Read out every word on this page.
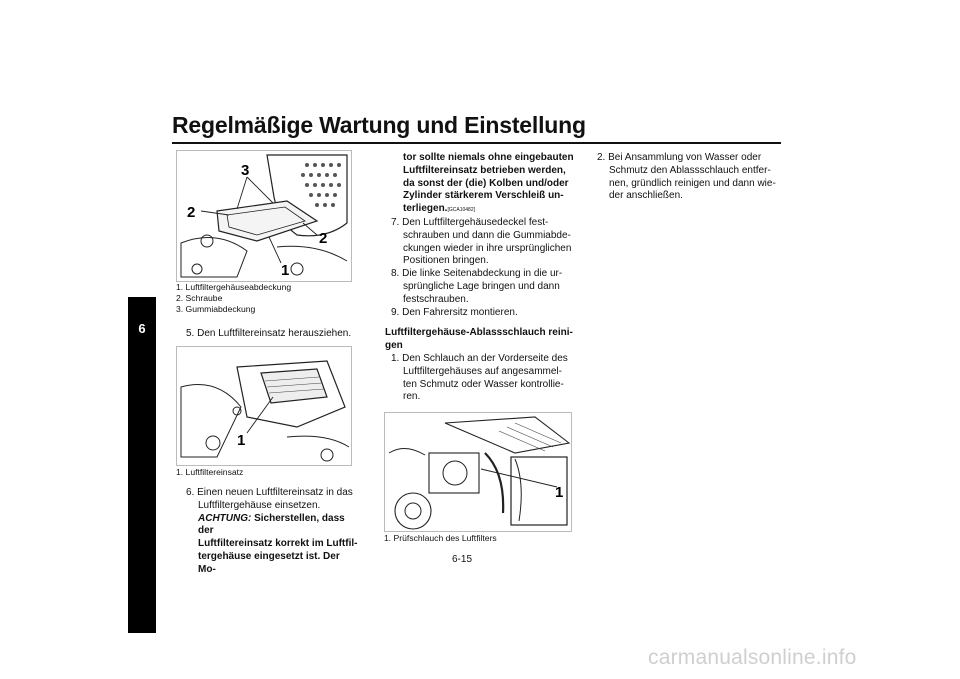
Regelmäßige Wartung und Einstellung
6
3
2
2
1
1. Luftfiltergehäuseabdeckung
2. Schraube
3. Gummiabdeckung
5. Den Luftfiltereinsatz herausziehen.
1
1. Luftfiltereinsatz
6. Einen neuen Luftfiltereinsatz in das
Luftfiltergehäuse einsetzen.
ACHTUNG: Sicherstellen, dass der
Luftfiltereinsatz korrekt im Luftfil-
tergehäuse eingesetzt ist. Der Mo-
tor sollte niemals ohne eingebauten
Luftfiltereinsatz betrieben werden,
da sonst der (die) Kolben und/oder
Zylinder stärkerem Verschleiß un-
terliegen.[GCA10482]
7. Den Luftfiltergehäusedeckel fest-
schrauben und dann die Gummiabde-
ckungen wieder in ihre ursprünglichen
Positionen bringen.
8. Die linke Seitenabdeckung in die ur-
sprüngliche Lage bringen und dann
festschrauben.
9. Den Fahrersitz montieren.
Luftfiltergehäuse-Ablassschlauch reini-
gen
1. Den Schlauch an der Vorderseite des
Luftfiltergehäuses auf angesammel-
ten Schmutz oder Wasser kontrollie-
ren.
1
1. Prüfschlauch des Luftfilters
2. Bei Ansammlung von Wasser oder
Schmutz den Ablassschlauch entfer-
nen, gründlich reinigen und dann wie-
der anschließen.
6-15
carmanualsonline.info
